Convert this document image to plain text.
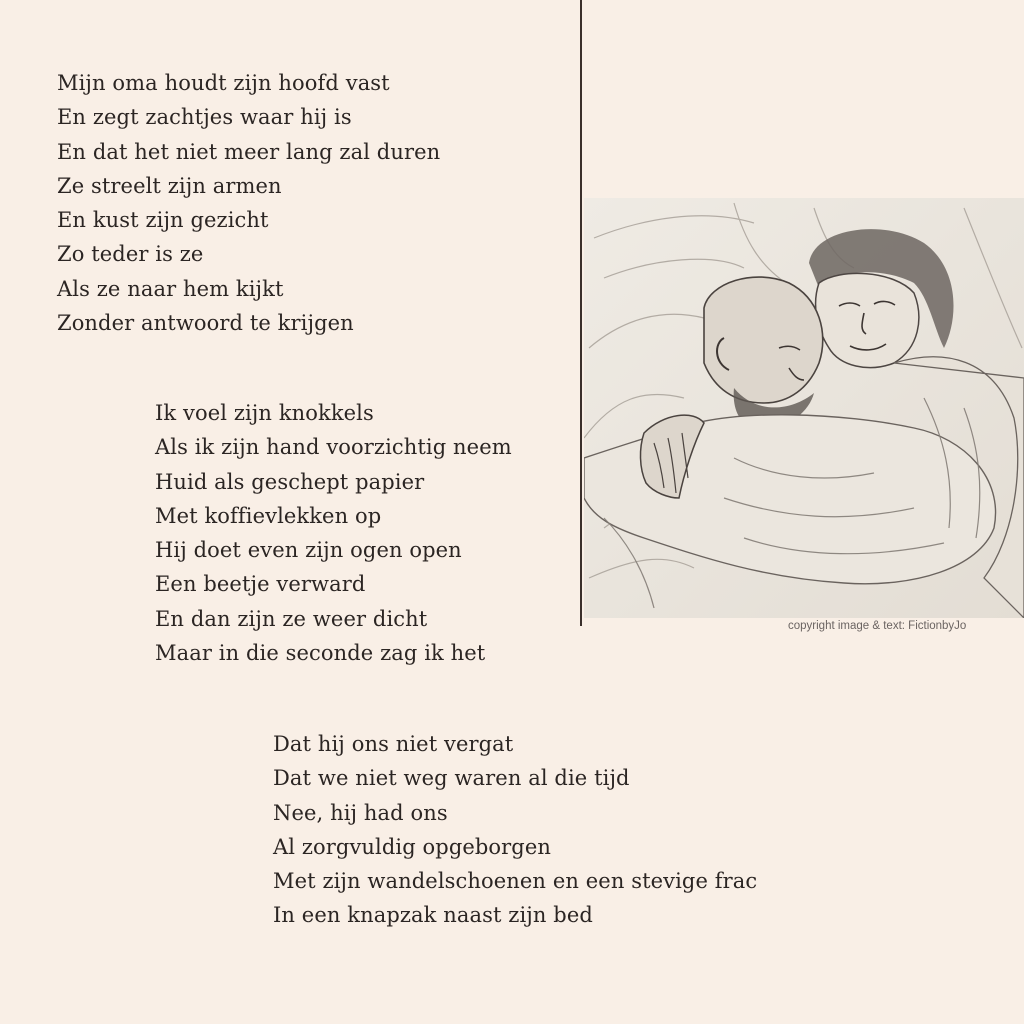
Mijn oma houdt zijn hoofd vast
En zegt zachtjes waar hij is
En dat het niet meer lang zal duren
Ze streelt zijn armen
En kust zijn gezicht
Zo teder is ze
Als ze naar hem kijkt
Zonder antwoord te krijgen
Ik voel zijn knokkels
Als ik zijn hand voorzichtig neem
Huid als geschept papier
Met koffievlekken op
Hij doet even zijn ogen open
Een beetje verward
En dan zijn ze weer dicht
Maar in die seconde zag ik het
Dat hij ons niet vergat
Dat we niet weg waren al die tijd
Nee, hij had ons
Al zorgvuldig opgeborgen
Met zijn wandelschoenen en een stevige frac
In een knapzak naast zijn bed
copyright image & text: FictionbyJo
